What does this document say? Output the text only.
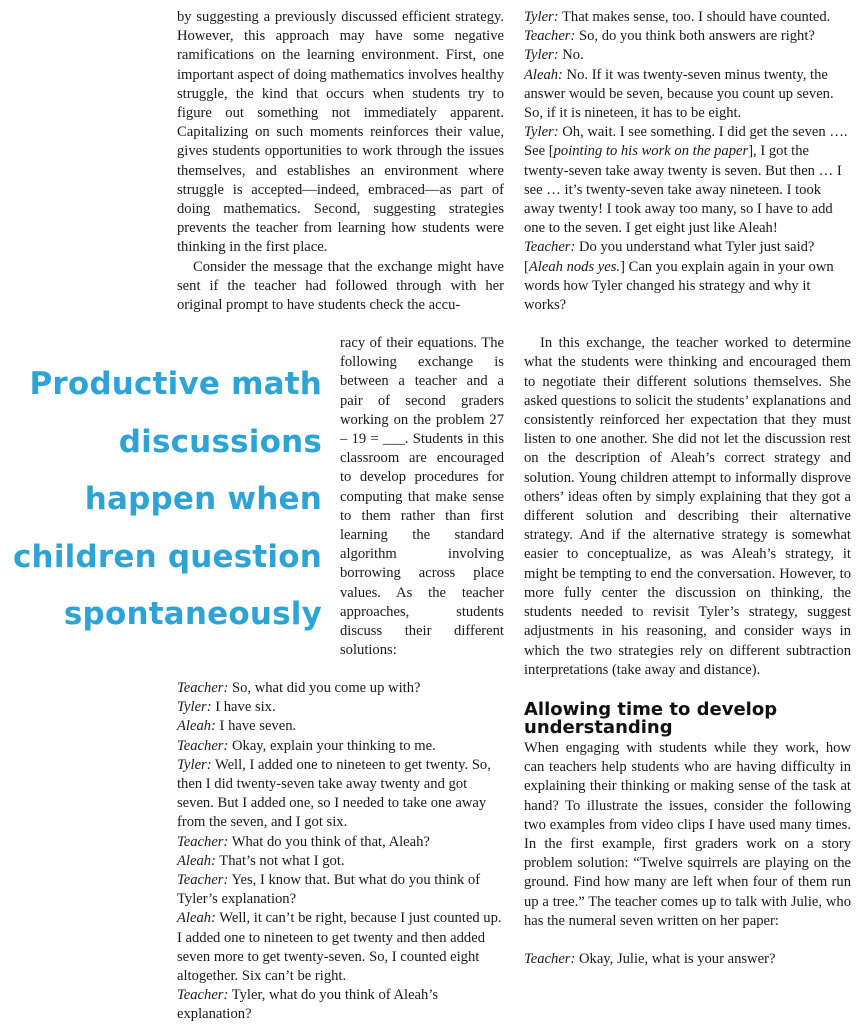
by suggesting a previously discussed efficient strategy. However, this approach may have some negative ramifications on the learning environment. First, one important aspect of doing mathematics involves healthy struggle, the kind that occurs when students try to figure out something not immediately apparent. Capitalizing on such moments reinforces their value, gives students opportunities to work through the issues themselves, and establishes an environment where struggle is accepted—indeed, embraced—as part of doing mathematics. Second, suggesting strategies prevents the teacher from learning how students were thinking in the first place.

Consider the message that the exchange might have sent if the teacher had followed through with her original prompt to have students check the accu-

Productive math
discussions
happen when
children question
spontaneously

racy of their equations. The following exchange is between a teacher and a pair of second graders working on the problem 27 – 19 = ___. Students in this classroom are encouraged to develop procedures for computing that make sense to them rather than first learning the standard algorithm involving borrowing across place values. As the teacher approaches, students discuss their different solutions:

Teacher: So, what did you come up with?

Tyler: I have six.

Aleah: I have seven.

Teacher: Okay, explain your thinking to me.

Tyler: Well, I added one to nineteen to get twenty. So, then I did twenty-seven take away twenty and got seven. But I added one, so I needed to take one away from the seven, and I got six.

Teacher: What do you think of that, Aleah?

Aleah: That’s not what I got.

Teacher: Yes, I know that. But what do you think of Tyler’s explanation?

Aleah: Well, it can’t be right, because I just counted up. I added one to nineteen to get twenty and then added seven more to get twenty-seven. So, I counted eight altogether. Six can’t be right.

Teacher: Tyler, what do you think of Aleah’s explanation?

Tyler: That makes sense, too. I should have counted.

Teacher: So, do you think both answers are right?

Tyler: No.

Aleah: No. If it was twenty-seven minus twenty, the answer would be seven, because you count up seven. So, if it is nineteen, it has to be eight.

Tyler: Oh, wait. I see something. I did get the seven …. See [pointing to his work on the paper], I got the twenty-seven take away twenty is seven. But then … I see … it’s twenty-seven take away nineteen. I took away twenty! I took away too many, so I have to add one to the seven. I get eight just like Aleah!

Teacher: Do you understand what Tyler just said? [Aleah nods yes.] Can you explain again in your own words how Tyler changed his strategy and why it works?

In this exchange, the teacher worked to determine what the students were thinking and encouraged them to negotiate their different solutions themselves. She asked questions to solicit the students’ explanations and consistently reinforced her expectation that they must listen to one another. She did not let the discussion rest on the description of Aleah’s correct strategy and solution. Young children attempt to informally disprove others’ ideas often by simply explaining that they got a different solution and describing their alternative strategy. And if the alternative strategy is somewhat easier to conceptualize, as was Aleah’s strategy, it might be tempting to end the conversation. However, to more fully center the discussion on thinking, the students needed to revisit Tyler’s strategy, suggest adjustments in his reasoning, and consider ways in which the two strategies rely on different subtraction interpretations (take away and distance).

Allowing time to develop understanding

When engaging with students while they work, how can teachers help students who are having difficulty in explaining their thinking or making sense of the task at hand? To illustrate the issues, consider the following two examples from video clips I have used many times. In the first example, first graders work on a story problem solution: “Twelve squirrels are playing on the ground. Find how many are left when four of them run up a tree.” The teacher comes up to talk with Julie, who has the numeral seven written on her paper:

Teacher: Okay, Julie, what is your answer?
